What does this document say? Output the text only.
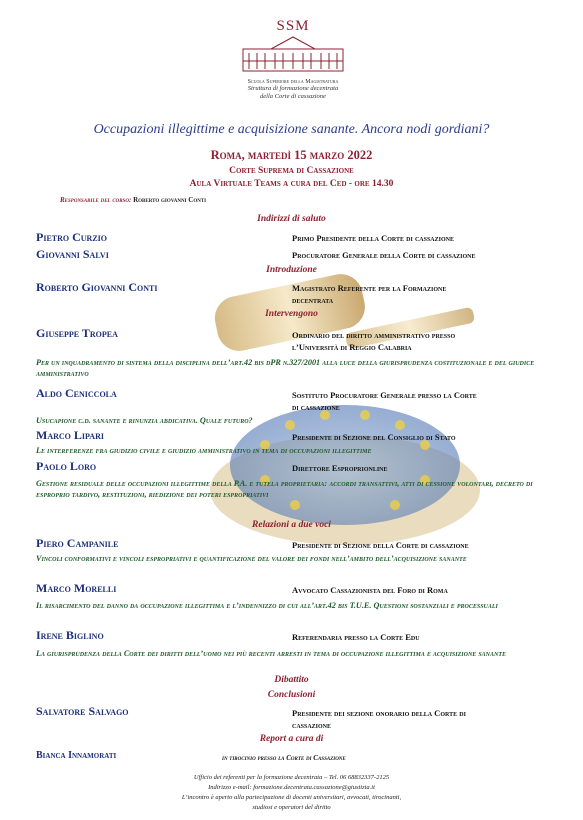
SSM
Scuola Superiore della Magistratura
Struttura di formazione decentrata
della Corte di cassazione
Occupazioni illegittime e acquisizione sanante. Ancora nodi gordiani?
Roma, martedì 15 marzo 2022
Corte Suprema di Cassazione
Aula Virtuale Teams a cura del Ced - ore 14.30
Responsabile del corso: Roberto giovanni Conti
Indirizzi di saluto
Pietro Curzio	Primo Presidente della Corte di cassazione
Giovanni Salvi	Procuratore Generale della Corte di cassazione
Introduzione
Roberto Giovanni Conti	Magistrato Referente per la Formazione
decentrata
Intervengono
Giuseppe Tropea	Ordinario del diritto amministrativo presso
l’Università di Reggio Calabria
Per un inquadramento di sistema della disciplina dell’art.42 bis dPR n.327/2001 alla luce della giurisprudenza costituzionale e del giudice amministrativo
Aldo Ceniccola	Sostituto Procuratore Generale presso la Corte
di cassazione
Usucapione c.d. sanante e rinunzia abdicativa. Quale futuro?
Marco Lipari	Presidente di Sezione del Consiglio di Stato
Le interferenze fra giudizio civile e giudizio amministrativo in tema di occupazioni illegittime
Paolo Loro	Direttore Esproprionline
Gestione residuale delle occupazioni illegittime della P.A. e tutela proprietaria: accordi transattivi, atti di cessione volontari, decreto di esproprio tardivo, restituzioni, riedizione dei poteri espropriativi
Relazioni a due voci
Piero Campanile	Presidente di Sezione della Corte di cassazione
Vincoli conformativi e vincoli espropriativi e quantificazione del valore dei fondi nell’ambito dell’acquisizione sanante
Marco Morelli	Avvocato Cassazionista del Foro di Roma
Il risarcimento del danno da occupazione illegittima e l’indennizzo di cui all’art.42 bis T.U.E. Questioni sostanziali e processuali
Irene Biglino	Referendaria presso la Corte Edu
La giurisprudenza della Corte dei diritti dell’uomo nei più recenti arresti in tema di occupazione illegittima e acquisizione sanante
Dibattito
Conclusioni
Salvatore Salvago	Presidente dei sezione onorario della Corte di
cassazione
Report a cura di
Bianca Innamorati	in tirocinio presso la Corte di Cassazione
Ufficio dei referenti per la formazione decentrata – Tel. 06 68832337-2125
Indirizzo e-mail: formazione.decentrata.cassazione@giustizia.it
L’incontro è aperto alla partecipazione di docenti universitari, avvocati, tirocinanti,
studiosi e operatori del diritto
